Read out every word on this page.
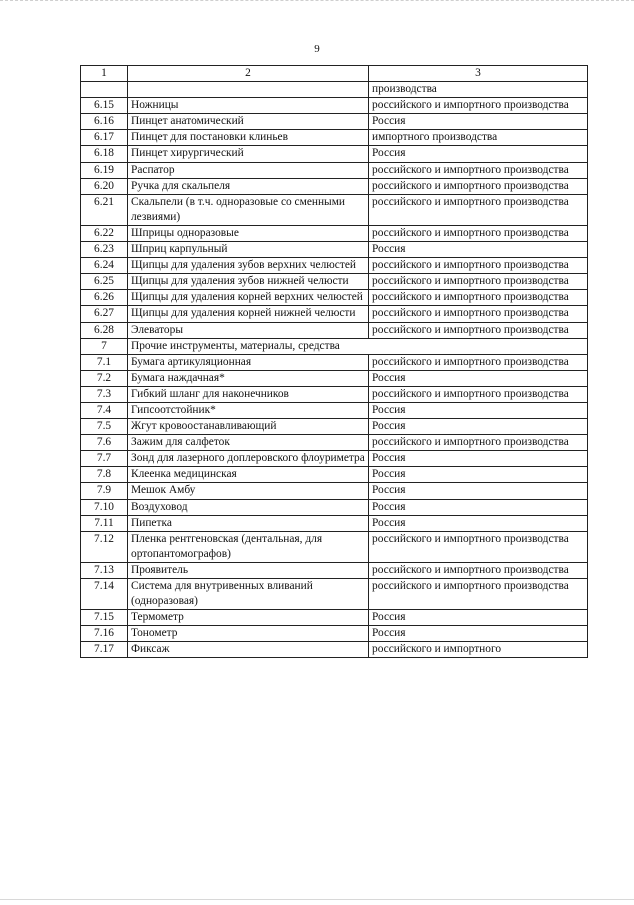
9
1	2	3
		производства
6.15	Ножницы	российского и импортного производства
6.16	Пинцет анатомический	Россия
6.17	Пинцет для постановки клиньев	импортного производства
6.18	Пинцет хирургический	Россия
6.19	Распатор	российского и импортного производства
6.20	Ручка для скальпеля	российского и импортного производства
6.21	Скальпели (в т.ч. одноразовые со сменными лезвиями)	российского и импортного производства
6.22	Шприцы одноразовые	российского и импортного производства
6.23	Шприц карпульный	Россия
6.24	Щипцы для удаления зубов верхних челюстей	российского и импортного производства
6.25	Щипцы для удаления зубов нижней челюсти	российского и импортного производства
6.26	Щипцы для удаления корней верхних челюстей	российского и импортного производства
6.27	Щипцы для удаления корней нижней челюсти	российского и импортного производства
6.28	Элеваторы	российского и импортного производства
7	Прочие инструменты, материалы, средства	
7.1	Бумага артикуляционная	российского и импортного производства
7.2	Бумага наждачная*	Россия
7.3	Гибкий шланг для наконечников	российского и импортного производства
7.4	Гипсоотстойник*	Россия
7.5	Жгут кровоостанавливающий	Россия
7.6	Зажим для салфеток	российского и импортного производства
7.7	Зонд для лазерного доплеровского флоуриметра	Россия
7.8	Клеенка медицинская	Россия
7.9	Мешок Амбу	Россия
7.10	Воздуховод	Россия
7.11	Пипетка	Россия
7.12	Пленка рентгеновская (дентальная, для ортопантомографов)	российского и импортного производства
7.13	Проявитель	российского и импортного производства
7.14	Система для внутривенных вливаний (одноразовая)	российского и импортного производства
7.15	Термометр	Россия
7.16	Тонометр	Россия
7.17	Фиксаж	российского и импортного
